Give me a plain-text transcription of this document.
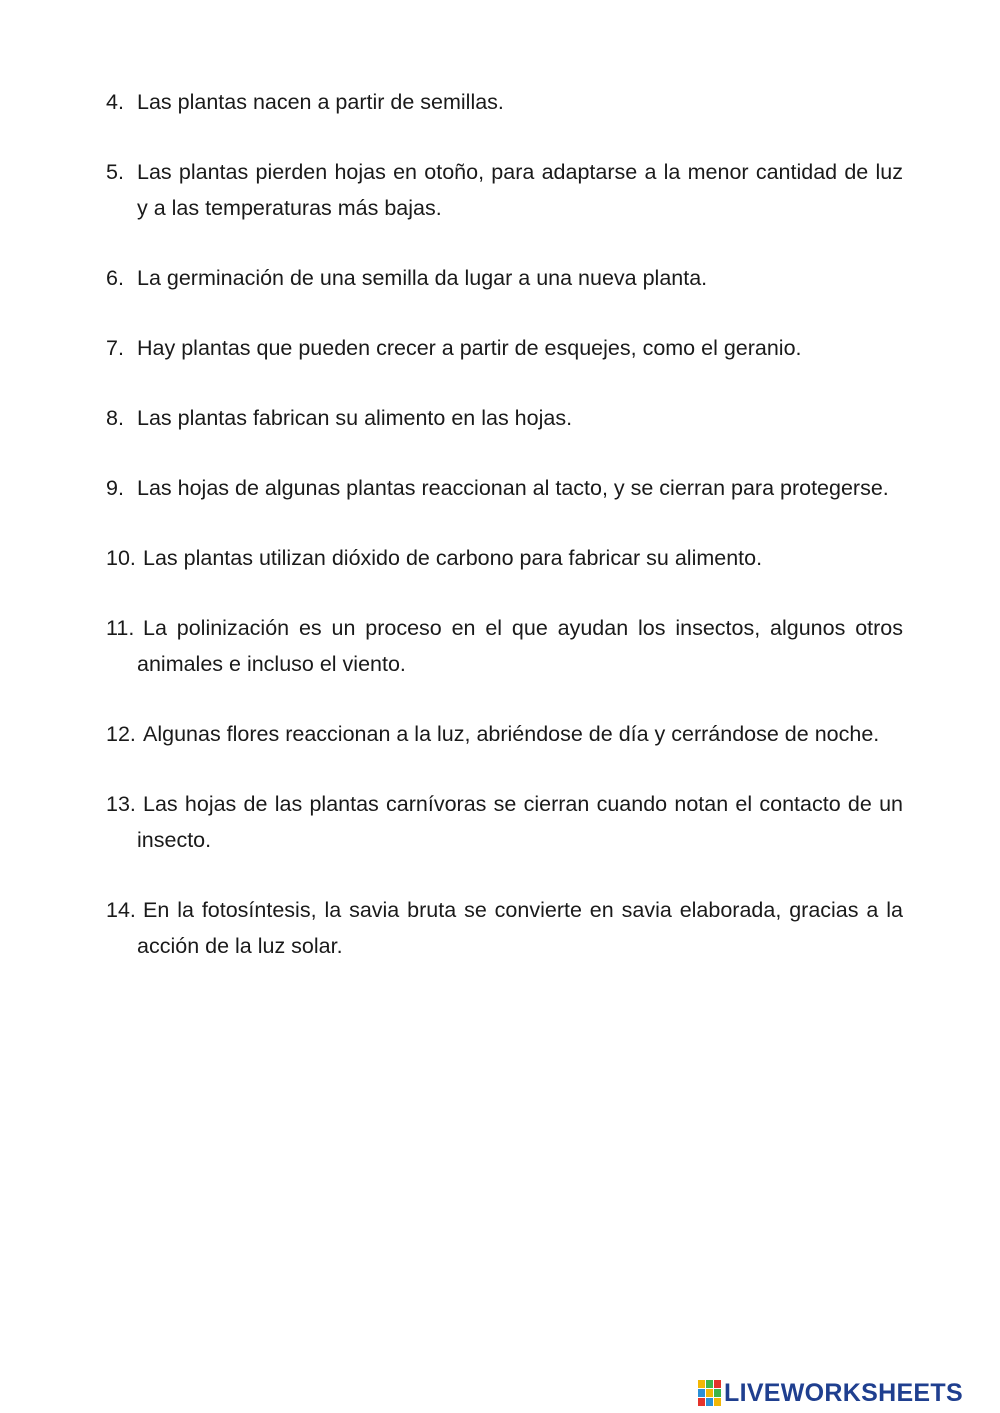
4. Las plantas nacen a partir de semillas.
5. Las plantas pierden hojas en otoño, para adaptarse a la menor cantidad de luz y a las temperaturas más bajas.
6. La germinación de una semilla da lugar a una nueva planta.
7. Hay plantas que pueden crecer a partir de esquejes, como el geranio.
8. Las plantas fabrican su alimento en las hojas.
9. Las hojas de algunas plantas reaccionan al tacto, y se cierran para protegerse.
10. Las plantas utilizan dióxido de carbono para fabricar su alimento.
11. La polinización es un proceso en el que ayudan los insectos, algunos otros animales e incluso el viento.
12. Algunas flores reaccionan a la luz, abriéndose de día y cerrándose de noche.
13. Las hojas de las plantas carnívoras se cierran cuando notan el contacto de un insecto.
14. En la fotosíntesis, la savia bruta se convierte en savia elaborada, gracias a la acción de la luz solar.
LIVEWORKSHEETS
